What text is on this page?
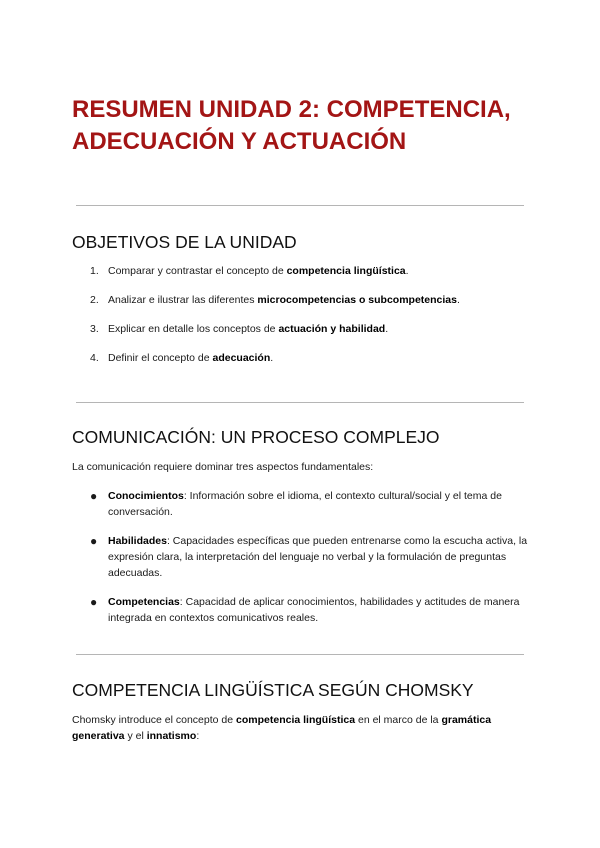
RESUMEN UNIDAD 2: COMPETENCIA, ADECUACIÓN Y ACTUACIÓN
OBJETIVOS DE LA UNIDAD
1. Comparar y contrastar el concepto de competencia lingüística.
2. Analizar e ilustrar las diferentes microcompetencias o subcompetencias.
3. Explicar en detalle los conceptos de actuación y habilidad.
4. Definir el concepto de adecuación.
COMUNICACIÓN: UN PROCESO COMPLEJO

La comunicación requiere dominar tres aspectos fundamentales:

● Conocimientos: Información sobre el idioma, el contexto cultural/social y el tema de conversación.
● Habilidades: Capacidades específicas que pueden entrenarse como la escucha activa, la expresión clara, la interpretación del lenguaje no verbal y la formulación de preguntas adecuadas.
● Competencias: Capacidad de aplicar conocimientos, habilidades y actitudes de manera integrada en contextos comunicativos reales.
COMPETENCIA LINGÜÍSTICA SEGÚN CHOMSKY

Chomsky introduce el concepto de competencia lingüística en el marco de la gramática generativa y el innatismo:
